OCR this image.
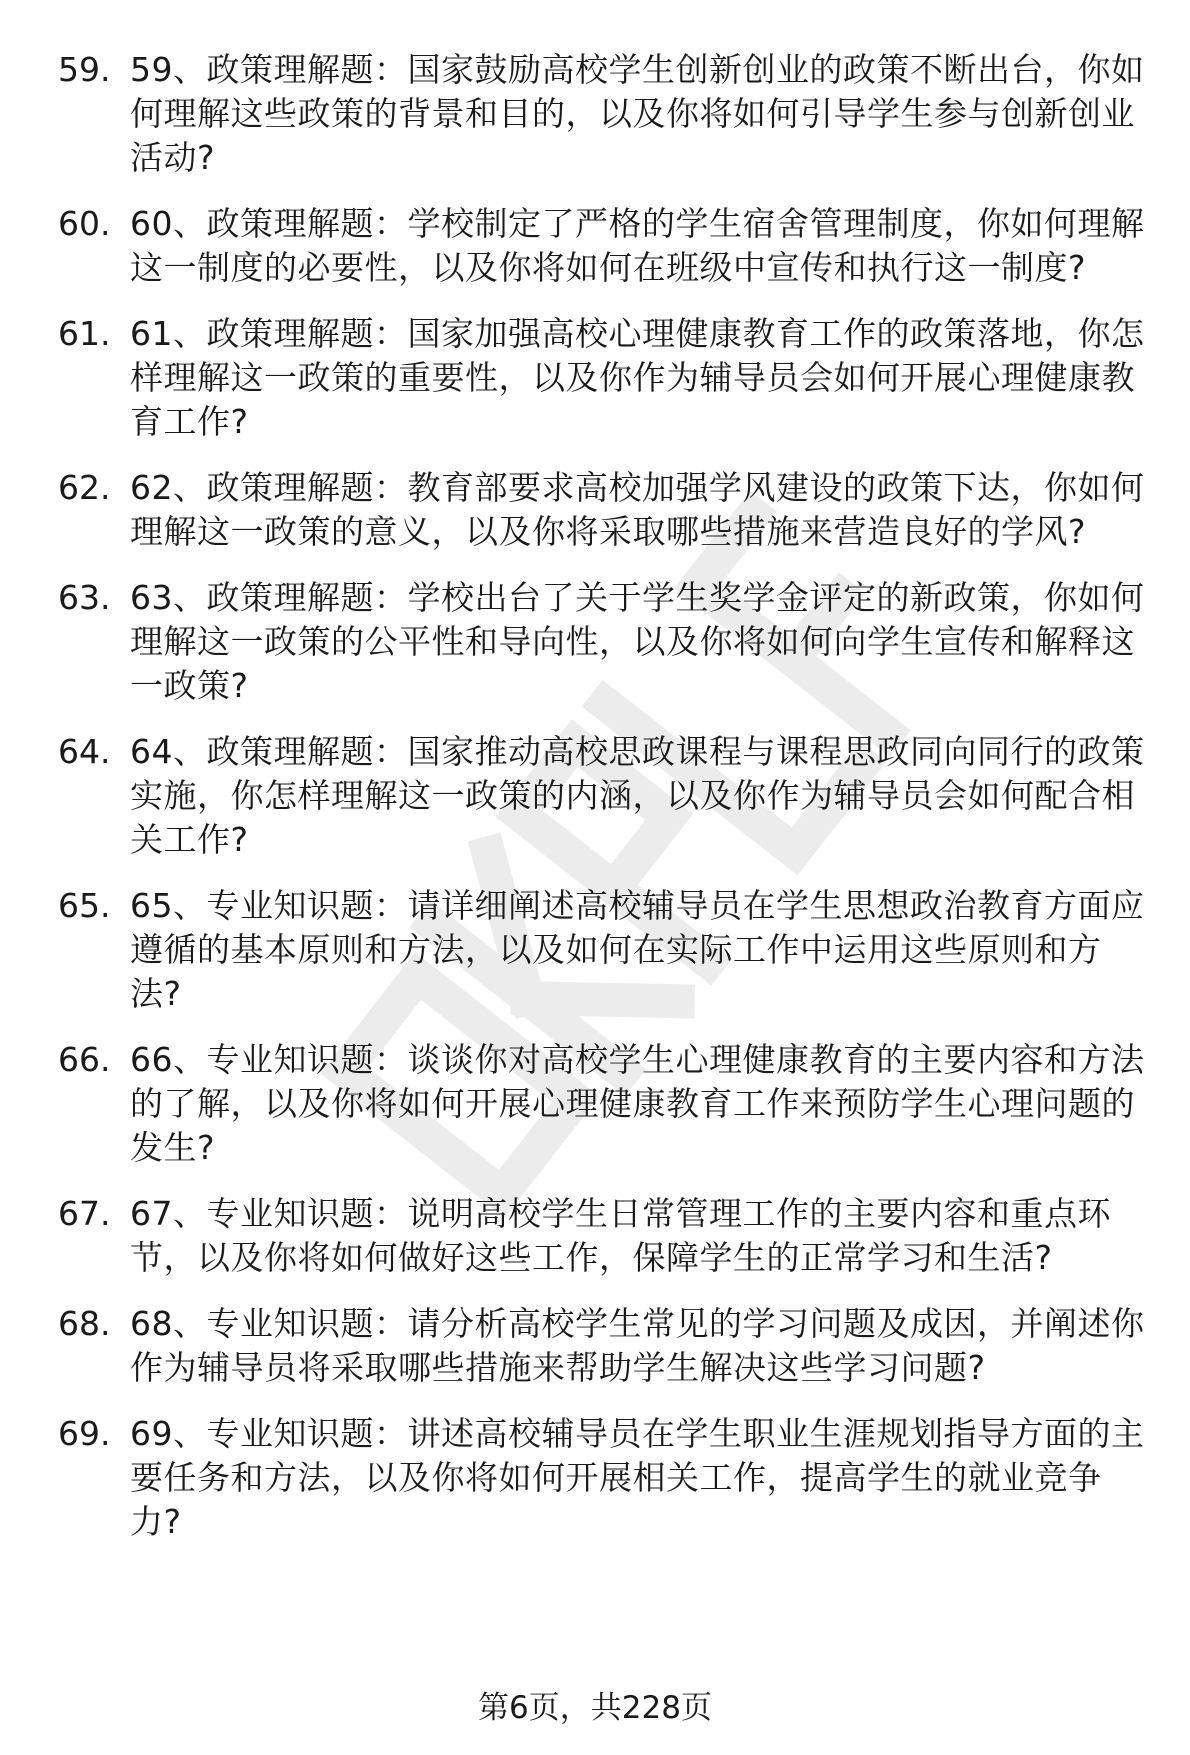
59. 59、政策理解题：国家鼓励高校学生创新创业的政策不断出台，你如何理解这些政策的背景和目的，以及你将如何引导学生参与创新创业活动?
60. 60、政策理解题：学校制定了严格的学生宿舍管理制度，你如何理解这一制度的必要性，以及你将如何在班级中宣传和执行这一制度?
61. 61、政策理解题：国家加强高校心理健康教育工作的政策落地，你怎样理解这一政策的重要性，以及你作为辅导员会如何开展心理健康教育工作?
62. 62、政策理解题：教育部要求高校加强学风建设的政策下达，你如何理解这一政策的意义，以及你将采取哪些措施来营造良好的学风?
63. 63、政策理解题：学校出台了关于学生奖学金评定的新政策，你如何理解这一政策的公平性和导向性，以及你将如何向学生宣传和解释这一政策?
64. 64、政策理解题：国家推动高校思政课程与课程思政同向同行的政策实施，你怎样理解这一政策的内涵，以及你作为辅导员会如何配合相关工作?
65. 65、专业知识题：请详细阐述高校辅导员在学生思想政治教育方面应遵循的基本原则和方法，以及如何在实际工作中运用这些原则和方法?
66. 66、专业知识题：谈谈你对高校学生心理健康教育的主要内容和方法的了解，以及你将如何开展心理健康教育工作来预防学生心理问题的发生?
67. 67、专业知识题：说明高校学生日常管理工作的主要内容和重点环节，以及你将如何做好这些工作，保障学生的正常学习和生活?
68. 68、专业知识题：请分析高校学生常见的学习问题及成因，并阐述你作为辅导员将采取哪些措施来帮助学生解决这些学习问题?
69. 69、专业知识题：讲述高校辅导员在学生职业生涯规划指导方面的主要任务和方法，以及你将如何开展相关工作，提高学生的就业竞争力?
第6页，共228页
